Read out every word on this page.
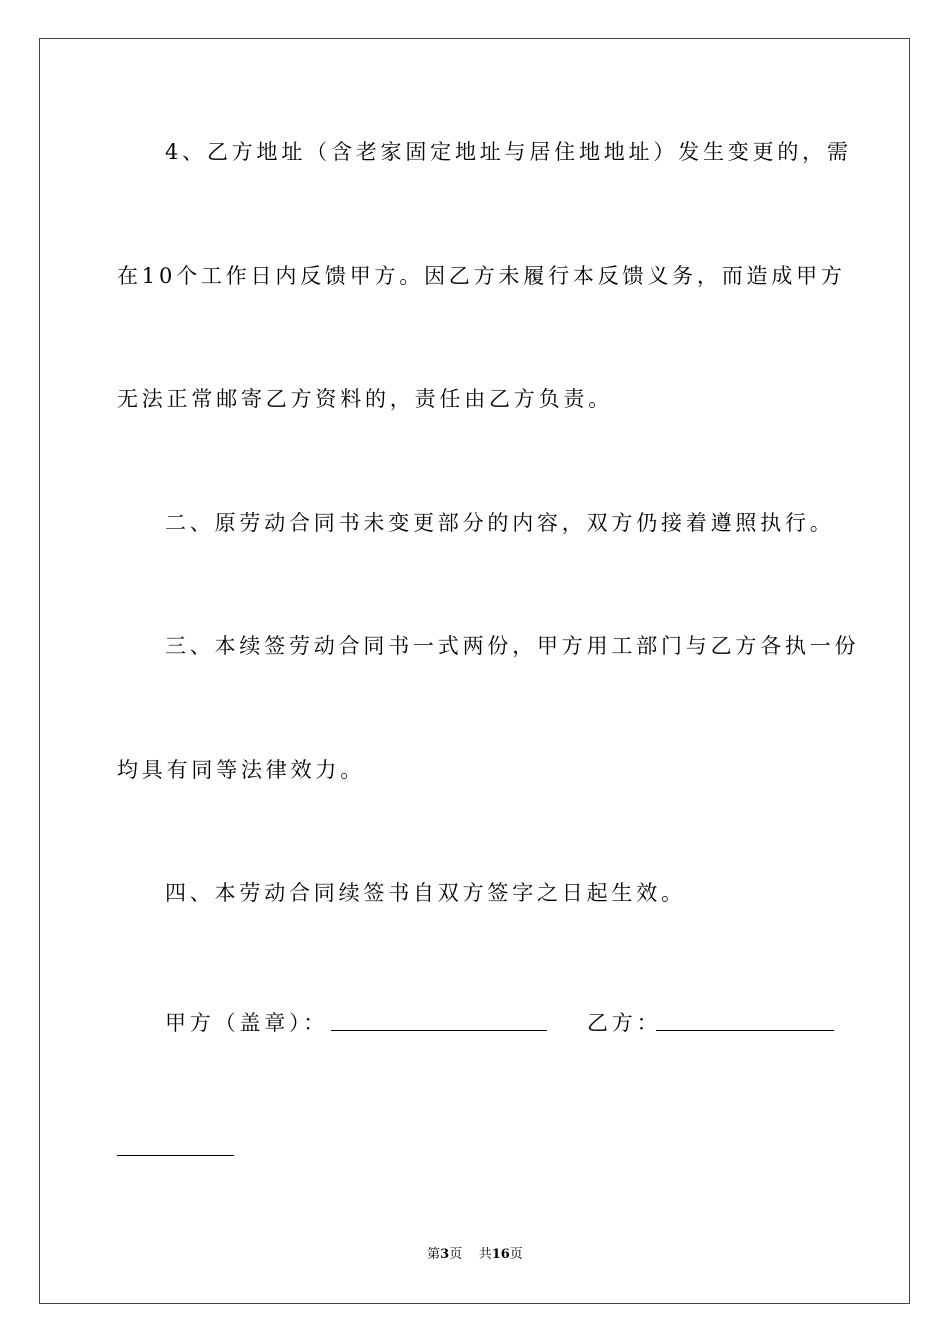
4、乙方地址（含老家固定地址与居住地地址）发生变更的，需
在10个工作日内反馈甲方。因乙方未履行本反馈义务，而造成甲方
无法正常邮寄乙方资料的，责任由乙方负责。
二、原劳动合同书未变更部分的内容，双方仍接着遵照执行。
三、本续签劳动合同书一式两份，甲方用工部门与乙方各执一份
均具有同等法律效力。
四、本劳动合同续签书自双方签字之日起生效。
甲方（盖章）：	乙方：
第3页 共16页
